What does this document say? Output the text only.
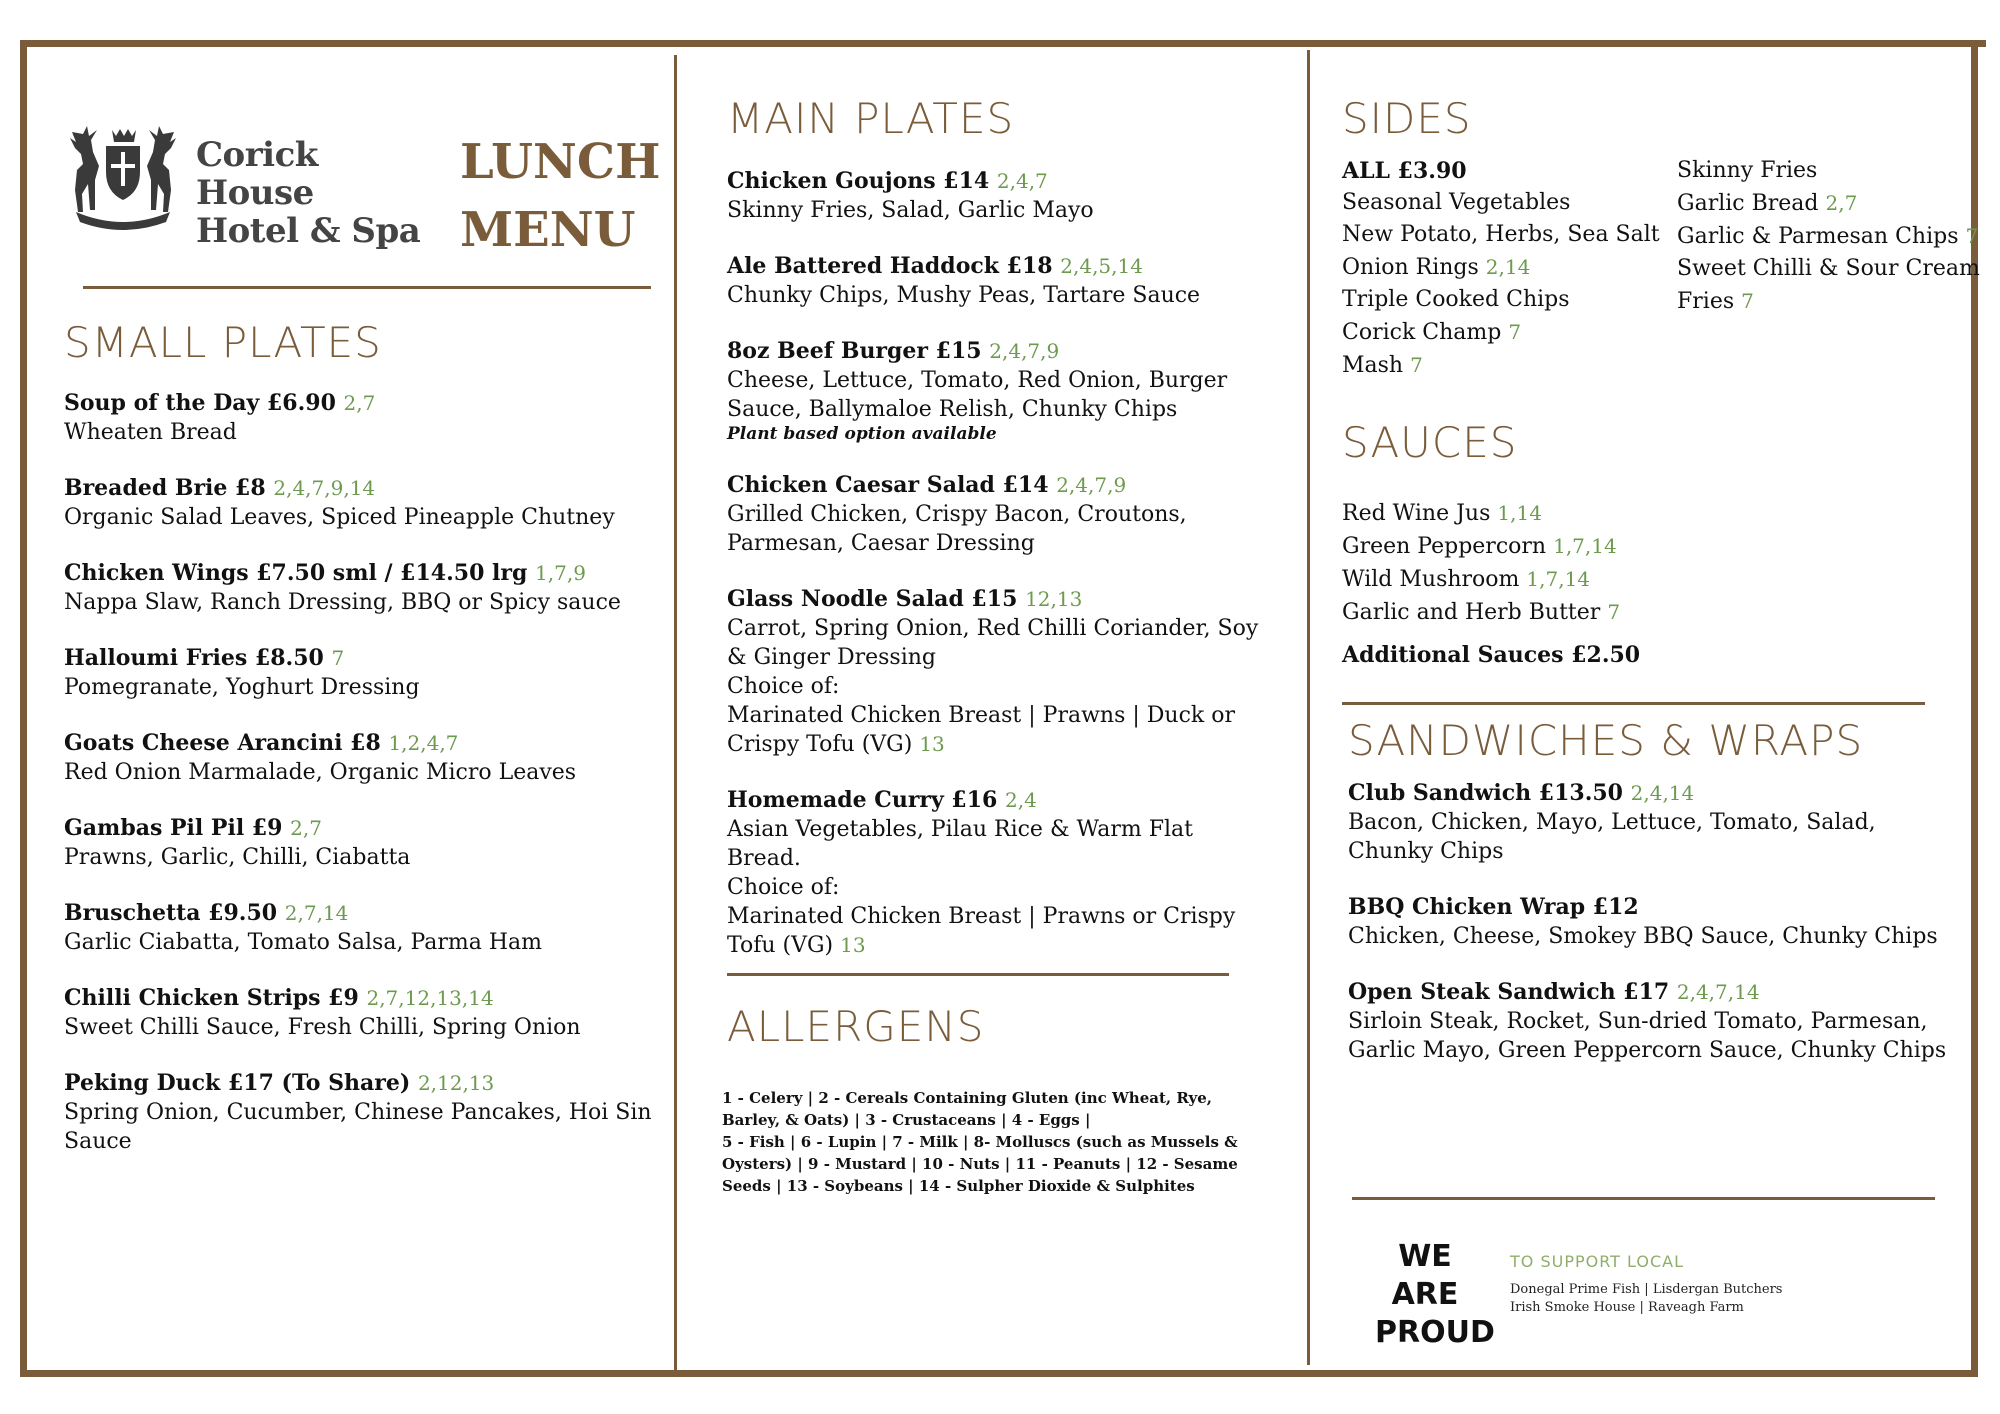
Corick House
Hotel & Spa
LUNCH
MENU
SMALL PLATES
Soup of the Day £6.90 2,7
Wheaten Bread
Breaded Brie £8 2,4,7,9,14
Organic Salad Leaves, Spiced Pineapple Chutney
Chicken Wings £7.50 sml / £14.50 lrg 1,7,9
Nappa Slaw, Ranch Dressing, BBQ or Spicy sauce
Halloumi Fries £8.50 7
Pomegranate, Yoghurt Dressing
Goats Cheese Arancini £8 1,2,4,7
Red Onion Marmalade, Organic Micro Leaves
Gambas Pil Pil £9 2,7
Prawns, Garlic, Chilli, Ciabatta
Bruschetta £9.50 2,7,14
Garlic Ciabatta, Tomato Salsa, Parma Ham
Chilli Chicken Strips £9 2,7,12,13,14
Sweet Chilli Sauce, Fresh Chilli, Spring Onion
Peking Duck £17 (To Share) 2,12,13
Spring Onion, Cucumber, Chinese Pancakes, Hoi Sin Sauce
MAIN PLATES
Chicken Goujons £14 2,4,7
Skinny Fries, Salad, Garlic Mayo
Ale Battered Haddock £18 2,4,5,14
Chunky Chips, Mushy Peas, Tartare Sauce
8oz Beef Burger £15 2,4,7,9
Cheese, Lettuce, Tomato, Red Onion, Burger Sauce, Ballymaloe Relish, Chunky Chips
Plant based option available
Chicken Caesar Salad £14 2,4,7,9
Grilled Chicken, Crispy Bacon, Croutons, Parmesan, Caesar Dressing
Glass Noodle Salad £15 12,13
Carrot, Spring Onion, Red Chilli Coriander, Soy & Ginger Dressing
Choice of:
Marinated Chicken Breast | Prawns | Duck or Crispy Tofu (VG) 13
Homemade Curry £16 2,4
Asian Vegetables, Pilau Rice & Warm Flat Bread.
Choice of:
Marinated Chicken Breast | Prawns or Crispy Tofu (VG) 13
ALLERGENS
1 - Celery | 2 - Cereals Containing Gluten (inc Wheat, Rye, Barley, & Oats) | 3 - Crustaceans | 4 - Eggs |
5 - Fish | 6 - Lupin | 7 - Milk | 8- Molluscs (such as Mussels & Oysters) | 9 - Mustard | 10 - Nuts | 11 - Peanuts | 12 - Sesame Seeds | 13 - Soybeans | 14 - Sulpher Dioxide & Sulphites
SIDES
ALL £3.90
Seasonal Vegetables
New Potato, Herbs, Sea Salt
Onion Rings 2,14
Triple Cooked Chips
Corick Champ 7
Mash 7
Skinny Fries
Garlic Bread 2,7
Garlic & Parmesan Chips 7
Sweet Chilli & Sour Cream
Fries 7
SAUCES
Red Wine Jus 1,14
Green Peppercorn 1,7,14
Wild Mushroom 1,7,14
Garlic and Herb Butter 7
Additional Sauces £2.50
SANDWICHES & WRAPS
Club Sandwich £13.50 2,4,14
Bacon, Chicken, Mayo, Lettuce, Tomato, Salad, Chunky Chips
BBQ Chicken Wrap £12
Chicken, Cheese, Smokey BBQ Sauce, Chunky Chips
Open Steak Sandwich £17 2,4,7,14
Sirloin Steak, Rocket, Sun-dried Tomato, Parmesan, Garlic Mayo, Green Peppercorn Sauce, Chunky Chips
WE ARE
PROUD
TO SUPPORT LOCAL
Donegal Prime Fish | Lisdergan Butchers
Irish Smoke House | Raveagh Farm
